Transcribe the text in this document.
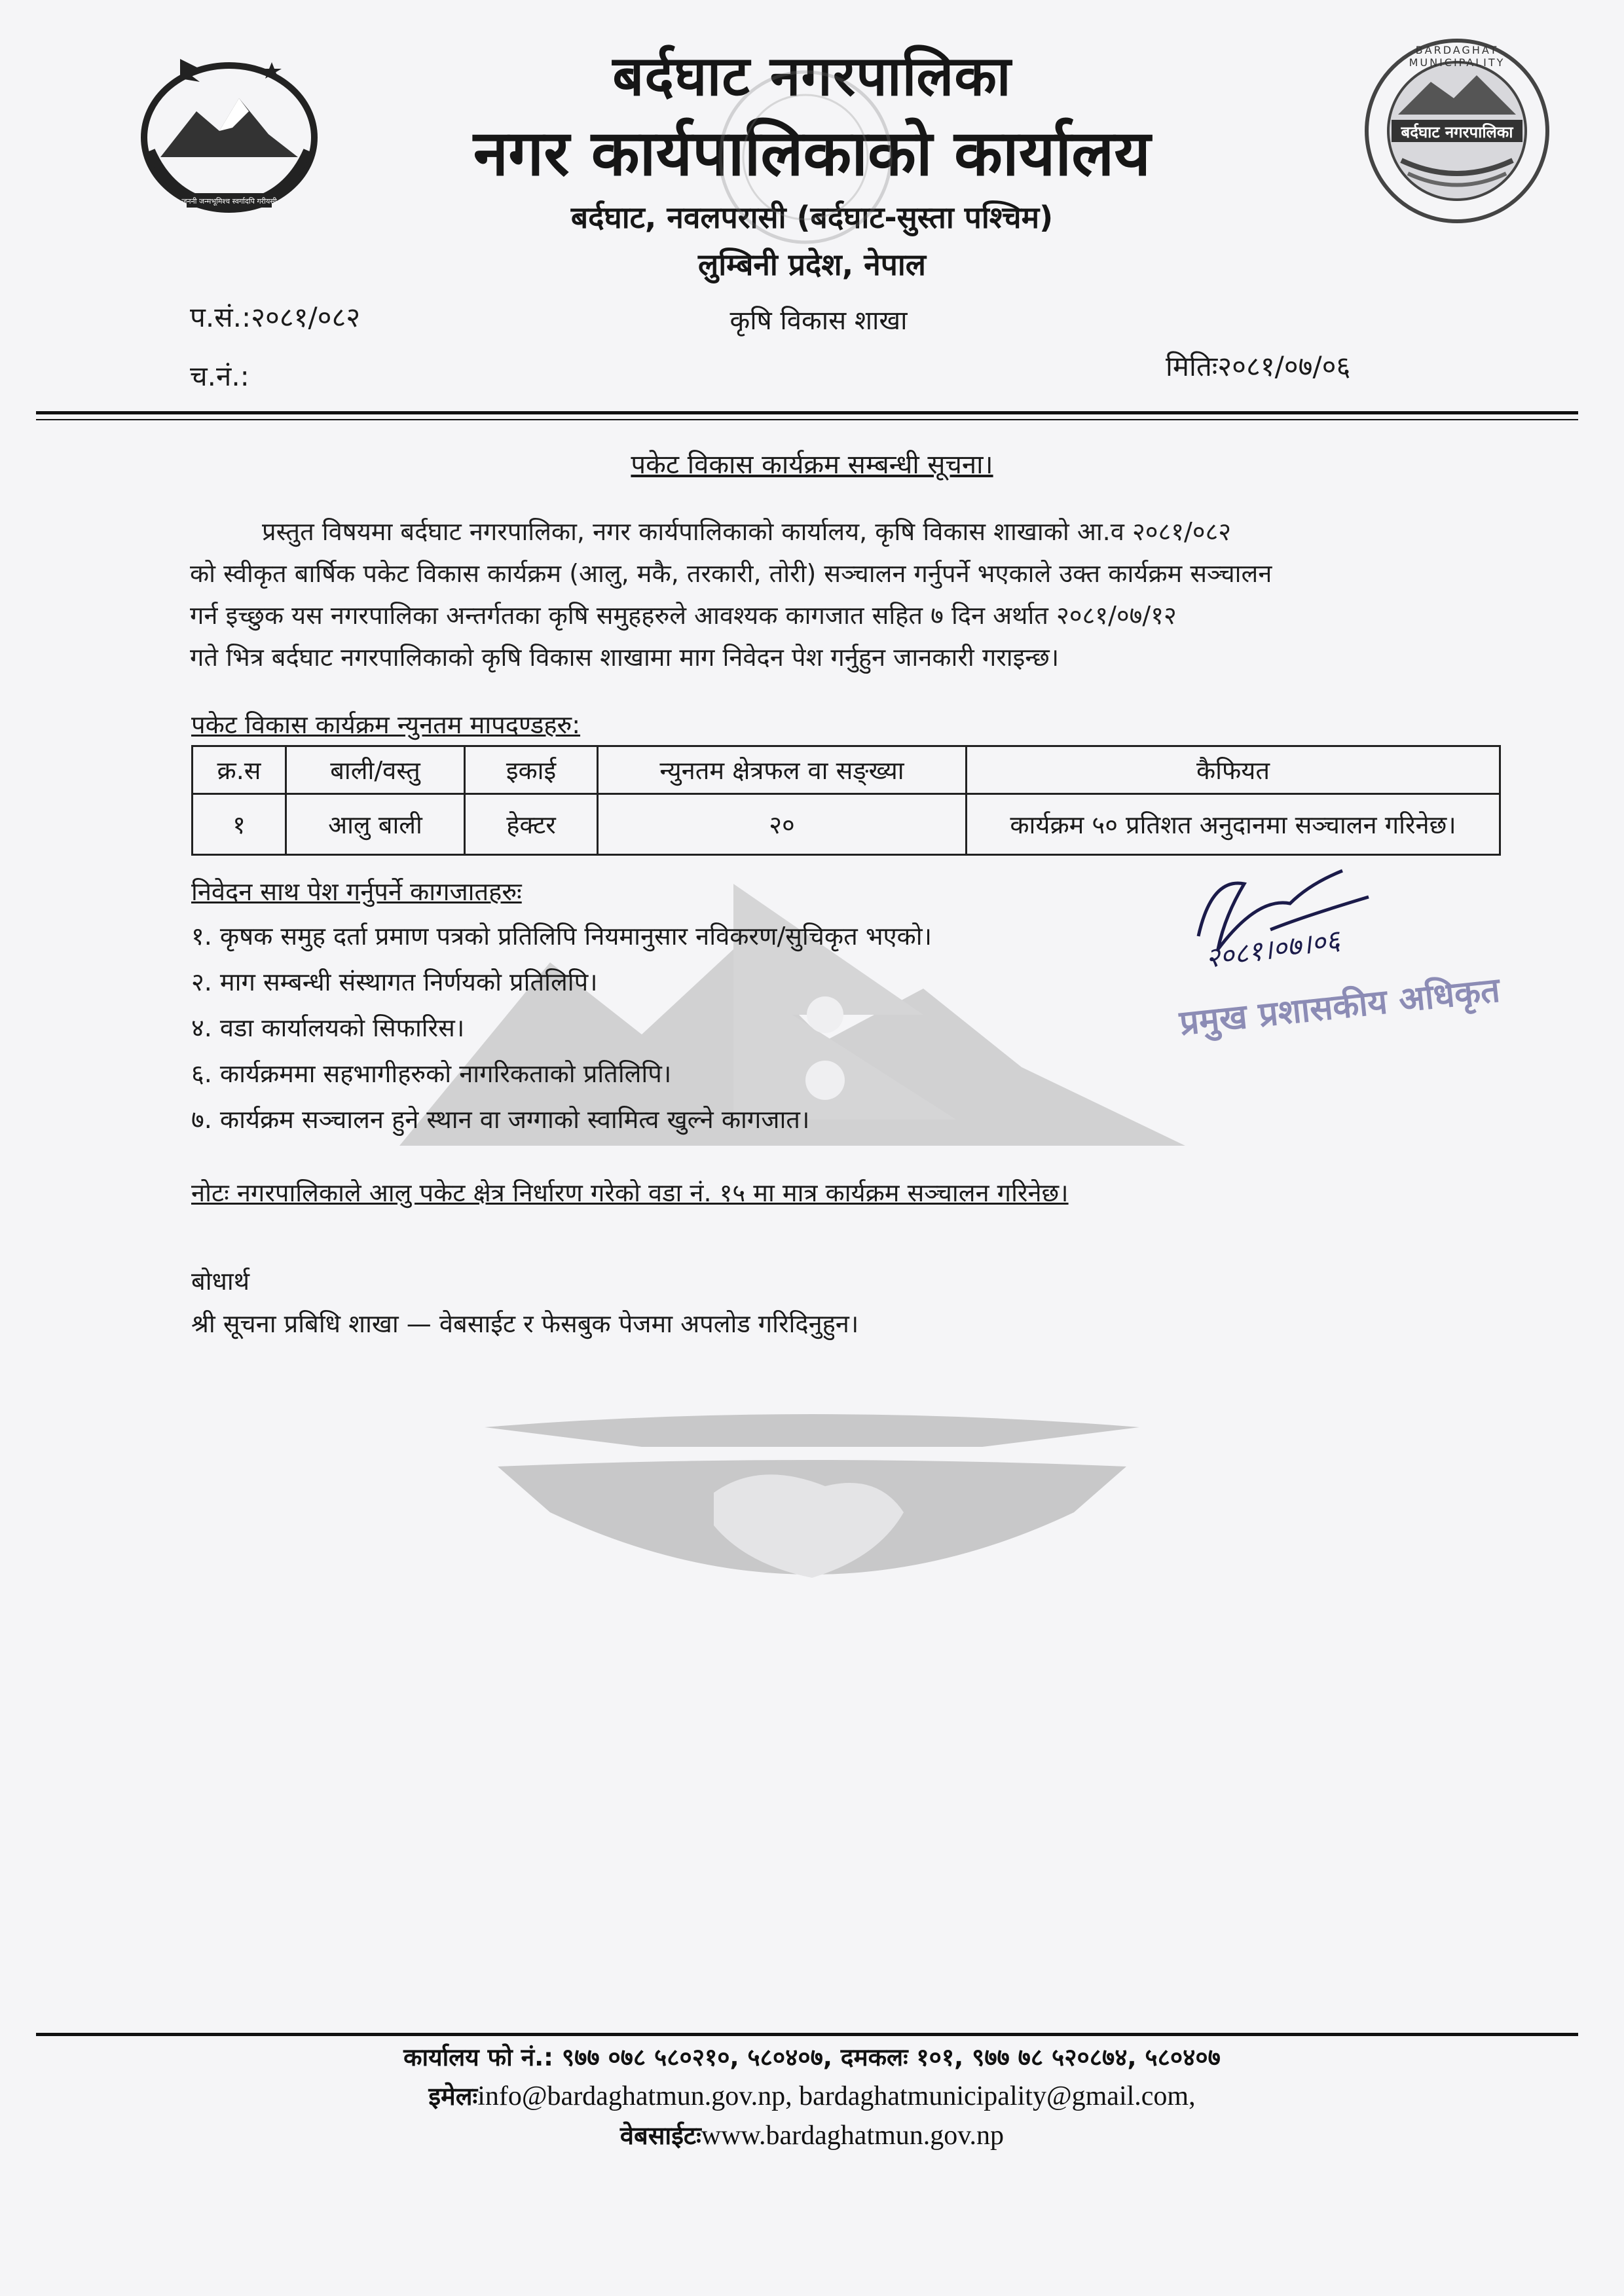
जननी जन्मभूमिश्च स्वर्गादपि गरीयसी
BARDAGHAT MUNICIPALITY
बर्दघाट नगरपालिका
बर्दघाट नगरपालिका
नगर कार्यपालिकाको कार्यालय
बर्दघाट, नवलपरासी (बर्दघाट-सुस्ता पश्चिम)
लुम्बिनी प्रदेश, नेपाल
प.सं.:२०८१/०८२
च.नं.:
कृषि विकास शाखा
मितिः२०८१/०७/०६
पकेट विकास कार्यक्रम सम्बन्धी सूचना।
प्रस्तुत विषयमा बर्दघाट नगरपालिका, नगर कार्यपालिकाको कार्यालय, कृषि विकास शाखाको आ.व २०८१/०८२
को स्वीकृत बार्षिक पकेट विकास कार्यक्रम (आलु, मकै, तरकारी, तोरी) सञ्चालन गर्नुपर्ने भएकाले उक्त कार्यक्रम सञ्चालन
गर्न इच्छुक यस नगरपालिका अन्तर्गतका कृषि समुहहरुले आवश्यक कागजात सहित ७ दिन अर्थात २०८१/०७/१२
गते भित्र बर्दघाट नगरपालिकाको कृषि विकास शाखामा माग निवेदन पेश गर्नुहुन जानकारी गराइन्छ।
पकेट विकास कार्यक्रम न्युनतम मापदण्डहरु:
क्र.स	बाली/वस्तु	इकाई	न्युनतम क्षेत्रफल वा सङ्ख्या	कैफियत
१	आलु बाली	हेक्टर	२०	कार्यक्रम ५० प्रतिशत अनुदानमा सञ्चालन गरिनेछ।
निवेदन साथ पेश गर्नुपर्ने कागजातहरुः
१. कृषक समुह दर्ता प्रमाण पत्रको प्रतिलिपि नियमानुसार नविकरण/सुचिकृत भएको।
२. माग सम्बन्धी संस्थागत निर्णयको प्रतिलिपि।
४. वडा कार्यालयको सिफारिस।
६. कार्यक्रममा सहभागीहरुको नागरिकताको प्रतिलिपि।
७. कार्यक्रम सञ्चालन हुने स्थान वा जग्गाको स्वामित्व खुल्ने कागजात।
२०८१।०७।०६
प्रमुख प्रशासकीय अधिकृत
नोटः नगरपालिकाले आलु पकेट क्षेत्र निर्धारण गरेको वडा नं. १५ मा मात्र कार्यक्रम सञ्चालन गरिनेछ।
बोधार्थ
श्री सूचना प्रबिधि शाखा — वेबसाईट र फेसबुक पेजमा अपलोड गरिदिनुहुन।
कार्यालय फो नं.: ९७७ ०७८ ५८०२१०, ५८०४०७, दमकलः १०१, ९७७ ७८ ५२०८७४, ५८०४०७
इमेलःinfo@bardaghatmun.gov.np, bardaghatmunicipality@gmail.com,
वेबसाईटःwww.bardaghatmun.gov.np
